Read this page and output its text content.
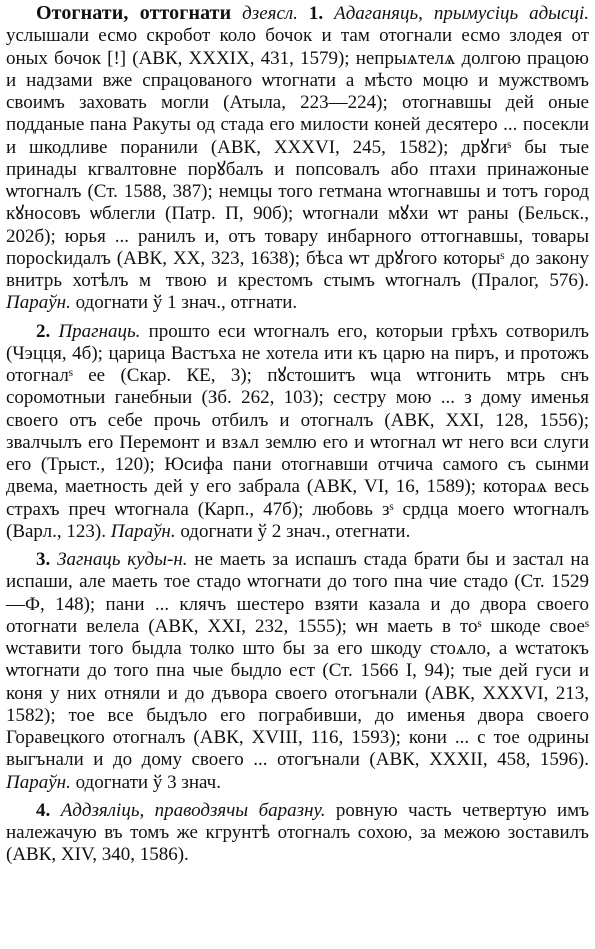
Отогнати, оттогнати дзеясл. 1. Адаганяць, прымусіць адысці. услышали есмо скробот коло бочок и там отогнали есмо злодея от оных бочок [!] (АВК, XXXIX, 431, 1579); непрыѧтелѧ долгою працою и надзами вже спрацованого ѡтогнати а мѣсто моцю и мужствомъ своимъ заховать могли (Атыла, 223—224); отогнавшы дей оные подданые пана Ракуты од стада его милости коней десятеро ... посекли и шкодливе поранили (АВК, XXXVI, 245, 1582); дрꙋгиˢ бы тые принады кгвалтовне порꙋбалъ и попсовалъ або птахи принажоные ѡтогналъ (Ст. 1588, 387); немцы того гетмана ѡтогнавшы и тотъ город кꙋносовъ ѡблегли (Патр. П, 90б); ѡтогнали мꙋхи ѡт раны (Бельск., 202б); юрья ... ранилъ и, отъ товару инбарного оттогнавшы, товары поросkидалъ (АВК, XX, 323, 1638); бѣса ѡт дрꙋгого которыˢ до закону внитрь хотѣлъ мⷶтвою и крестомъ стымъ ѡтогналъ (Пралог, 576). Параўн. одогнати ў 1 знач., отгнати.

2. Прагнаць. прошто еси ѡтогналъ его, которыи грѣхъ сотворилъ (Чэцця, 4б); царица Вастъха не хотела ити къ царю на пиръ, и протожъ отогналˢ ее (Скар. КЕ, 3); пꙋстошитъ ѡца ѡтгонить мтрь снъ соромотныи ганебныи (Зб. 262, 103); сестру мою ... з дому именья своего отъ себе прочь отбилъ и отогналъ (АВК, XXI, 128, 1556); звалчылъ его Перемонт и взѧл землю его и ѡтогнал ѡт него вси слуги его (Трыст., 120); Юсифа пани отогнавши отчича самого съ сынми двема, маетность дей у его забрала (АВК, VI, 16, 1589); котораѧ весь страхъ преч ѡтогнала (Карп., 47б); любовь зˢ срдца моего ѡтогналъ (Варл., 123). Параўн. одогнати ў 2 знач., отегнати.

3. Загнаць куды-н. не маеть за испашъ стада брати бы и застал на испаши, але маеть тое стадо ѡтогнати до того пна чие стадо (Ст. 1529—Ф, 148); пани ... клячъ шестеро взяти казала и до двора своего отогнати велела (АВК, XXI, 232, 1555); ѡн маеть в тоˢ шкоде своеˢ ѡставити того быдла толко што бы за его шкоду стоѧло, а ѡстатокъ ѡтогнати до того пна чые быдло ест (Ст. 1566 I, 94); тые дей гуси и коня у них отняли и до дъвора своего отогънали (АВК, XXXVI, 213, 1582); тое все быдъло его пограбивши, до именья двора своего Горавецкого отогналъ (АВК, XVIII, 116, 1593); кони ... с тое одрины выгънали и до дому своего ... отогънали (АВК, XXXII, 458, 1596). Параўн. одогнати ў 3 знач.

4. Аддзяліць, праводзячы баразну. ровную часть четвертую имъ належачую въ томъ же кгрунтѣ отогналъ сохою, за межою зоставилъ (АВК, XIV, 340, 1586).
